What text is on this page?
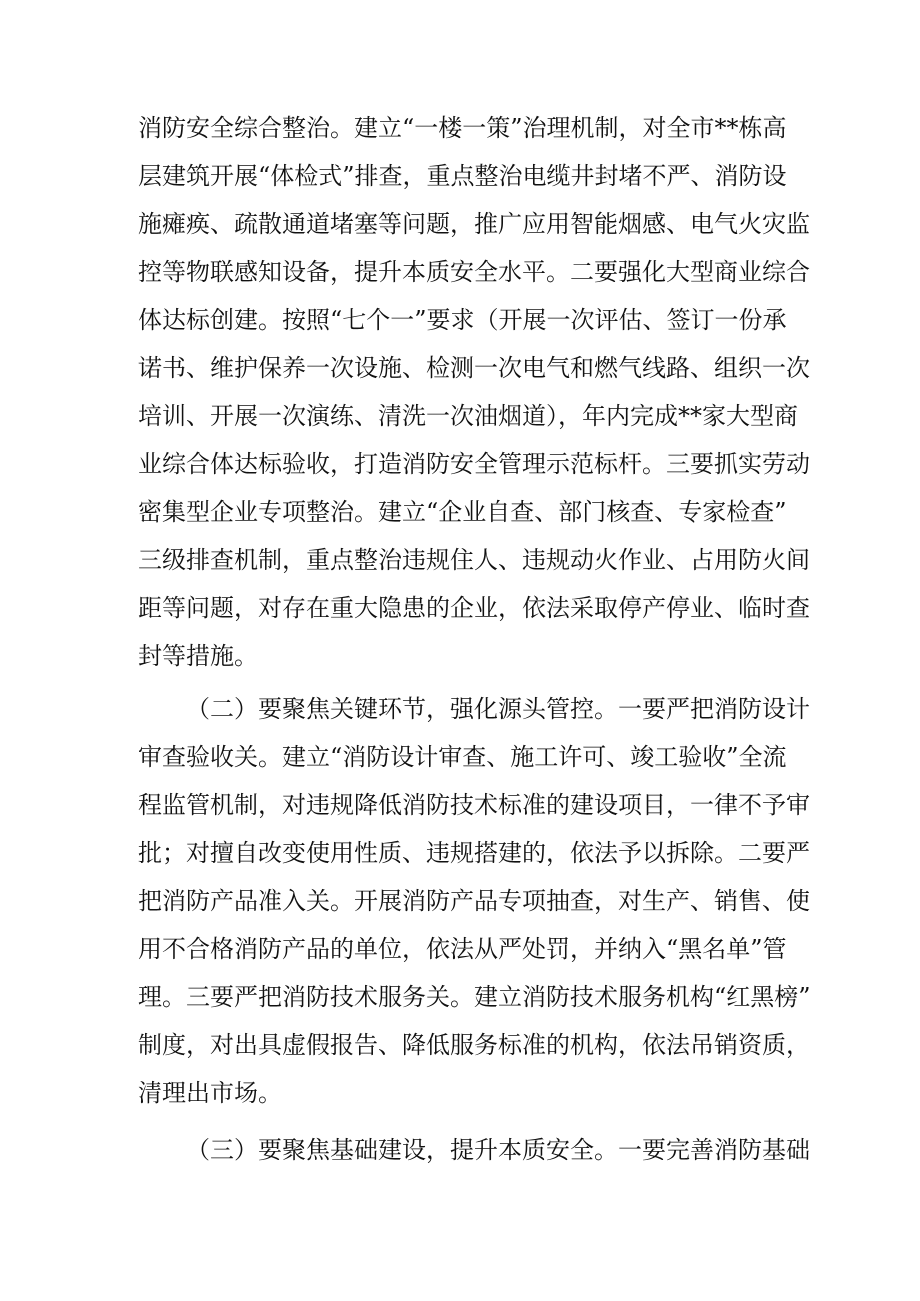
消防安全综合整治。建立“一楼一策”治理机制，对全市**栋高
层建筑开展“体检式”排查，重点整治电缆井封堵不严、消防设
施瘫痪、疏散通道堵塞等问题，推广应用智能烟感、电气火灾监
控等物联感知设备，提升本质安全水平。二要强化大型商业综合
体达标创建。按照“七个一”要求（开展一次评估、签订一份承
诺书、维护保养一次设施、检测一次电气和燃气线路、组织一次
培训、开展一次演练、清洗一次油烟道），年内完成**家大型商
业综合体达标验收，打造消防安全管理示范标杆。三要抓实劳动
密集型企业专项整治。建立“企业自查、部门核查、专家检查”
三级排查机制，重点整治违规住人、违规动火作业、占用防火间
距等问题，对存在重大隐患的企业，依法采取停产停业、临时查
封等措施。
（二）要聚焦关键环节，强化源头管控。一要严把消防设计
审查验收关。建立“消防设计审查、施工许可、竣工验收”全流
程监管机制，对违规降低消防技术标准的建设项目，一律不予审
批；对擅自改变使用性质、违规搭建的，依法予以拆除。二要严
把消防产品准入关。开展消防产品专项抽查，对生产、销售、使
用不合格消防产品的单位，依法从严处罚，并纳入“黑名单”管
理。三要严把消防技术服务关。建立消防技术服务机构“红黑榜”
制度，对出具虚假报告、降低服务标准的机构，依法吊销资质，
清理出市场。
（三）要聚焦基础建设，提升本质安全。一要完善消防基础
